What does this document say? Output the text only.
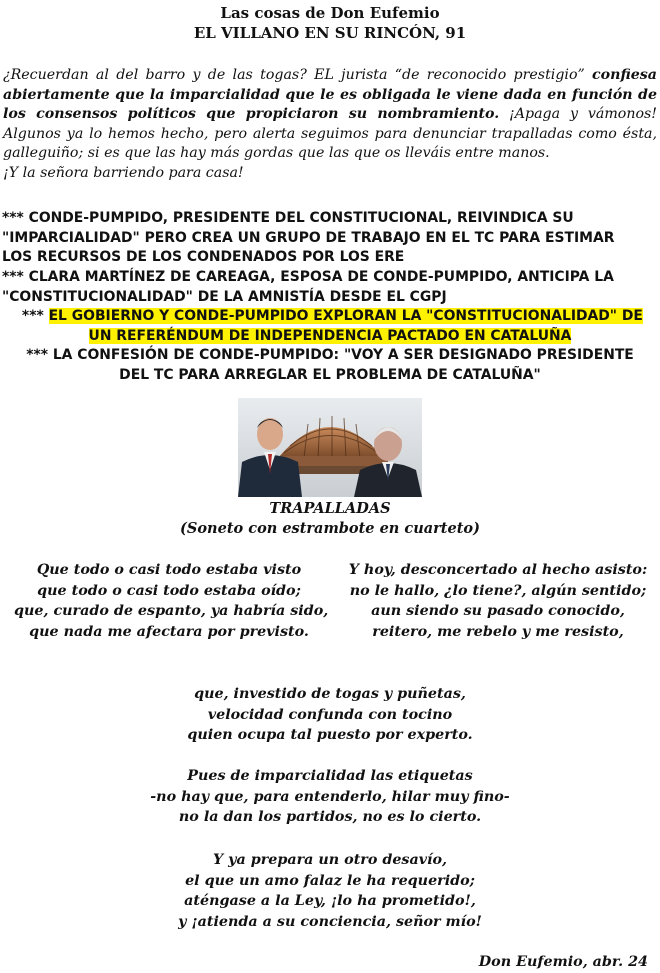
Las cosas de Don Eufemio
EL VILLANO EN SU RINCÓN, 91
¿Recuerdan al del barro y de las togas? EL jurista “de reconocido prestigio” confiesa
abiertamente que la imparcialidad que le es obligada le viene dada en función de
los consensos políticos que propiciaron su nombramiento. ¡Apaga y vámonos!
Algunos ya lo hemos hecho, pero alerta seguimos para denunciar trapalladas como ésta,
galleguiño; si es que las hay más gordas que las que os lleváis entre manos.
¡Y la señora barriendo para casa!
*** CONDE-PUMPIDO, PRESIDENTE DEL CONSTITUCIONAL, REIVINDICA SU
"IMPARCIALIDAD" PERO CREA UN GRUPO DE TRABAJO EN EL TC PARA ESTIMAR
LOS RECURSOS DE LOS CONDENADOS POR LOS ERE
*** CLARA MARTÍNEZ DE CAREAGA, ESPOSA DE CONDE-PUMPIDO, ANTICIPA LA
"CONSTITUCIONALIDAD" DE LA AMNISTÍA DESDE EL CGPJ
*** EL GOBIERNO Y CONDE-PUMPIDO EXPLORAN LA "CONSTITUCIONALIDAD" DE
UN REFERÉNDUM DE INDEPENDENCIA PACTADO EN CATALUÑA
*** LA CONFESIÓN DE CONDE-PUMPIDO: "VOY A SER DESIGNADO PRESIDENTE
DEL TC PARA ARREGLAR EL PROBLEMA DE CATALUÑA"
TRAPALLADAS
(Soneto con estrambote en cuarteto)
Que todo o casi todo estaba visto
que todo o casi todo estaba oído;
que, curado de espanto, ya habría sido,
que nada me afectara por previsto.
Y hoy, desconcertado al hecho asisto:
no le hallo, ¿lo tiene?, algún sentido;
aun siendo su pasado conocido,
reitero, me rebelo y me resisto,
que, investido de togas y puñetas,
velocidad confunda con tocino
quien ocupa tal puesto por experto.
Pues de imparcialidad las etiquetas
-no hay que, para entenderlo, hilar muy fino-
no la dan los partidos, no es lo cierto.
Y ya prepara un otro desavío,
el que un amo falaz le ha requerido;
aténgase a la Ley, ¡lo ha prometido!,
y ¡atienda a su conciencia, señor mío!
Don Eufemio, abr. 24
